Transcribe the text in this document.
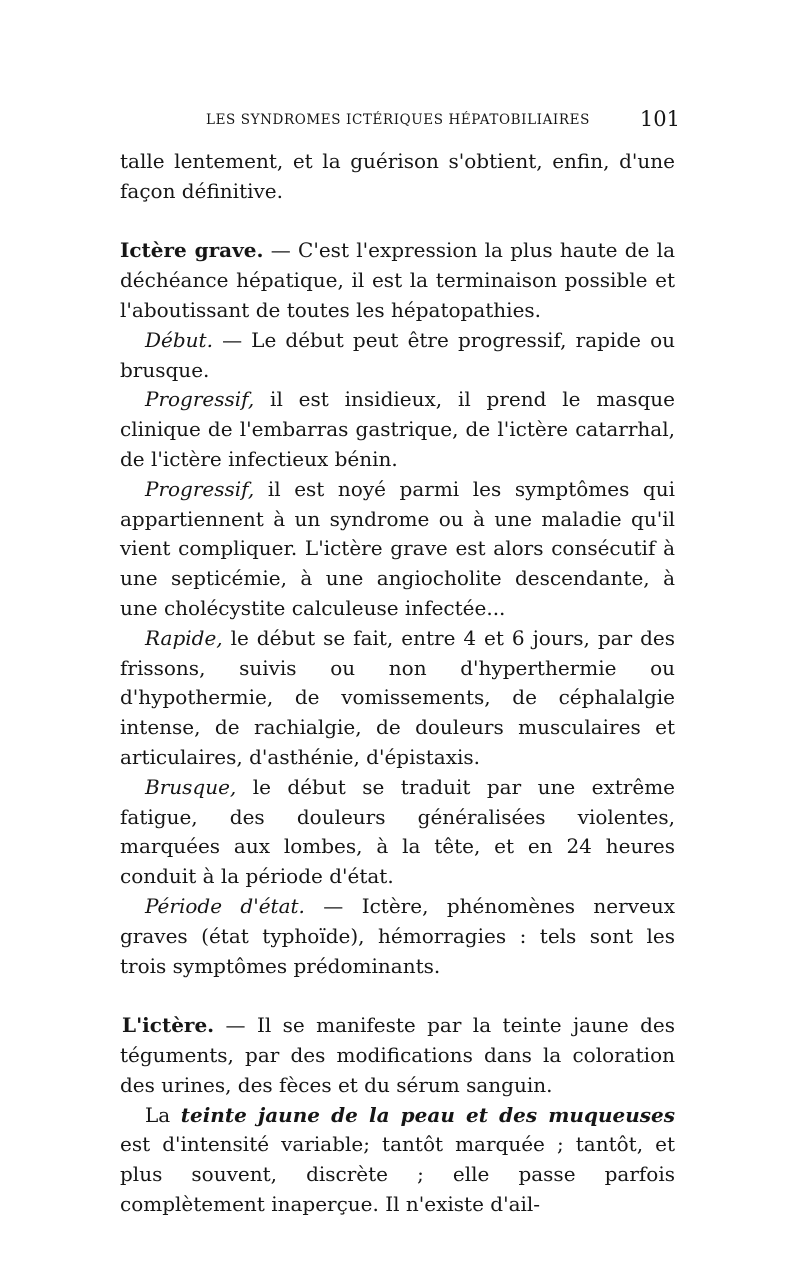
LES SYNDROMES ICTÉRIQUES HÉPATOBILIAIRES 101

talle lentement, et la guérison s'obtient, enfin, d'une façon définitive.

Ictère grave. — C'est l'expression la plus haute de la déchéance hépatique, il est la terminaison possible et l'aboutissant de toutes les hépatopathies.

Début. — Le début peut être progressif, rapide ou brusque.

Progressif, il est insidieux, il prend le masque clinique de l'embarras gastrique, de l'ictère catarrhal, de l'ictère infectieux bénin.

Progressif, il est noyé parmi les symptômes qui appartiennent à un syndrome ou à une maladie qu'il vient compliquer. L'ictère grave est alors consécutif à une septicémie, à une angiocholite descendante, à une cholécystite calculeuse infectée...

Rapide, le début se fait, entre 4 et 6 jours, par des frissons, suivis ou non d'hyperthermie ou d'hypothermie, de vomissements, de céphalalgie intense, de rachialgie, de douleurs musculaires et articulaires, d'asthénie, d'épistaxis.

Brusque, le début se traduit par une extrême fatigue, des douleurs généralisées violentes, marquées aux lombes, à la tête, et en 24 heures conduit à la période d'état.

Période d'état. — Ictère, phénomènes nerveux graves (état typhoïde), hémorragies : tels sont les trois symptômes prédominants.

L'ictère. — Il se manifeste par la teinte jaune des téguments, par des modifications dans la coloration des urines, des fèces et du sérum sanguin.

La teinte jaune de la peau et des muqueuses est d'intensité variable; tantôt marquée ; tantôt, et plus souvent, discrète ; elle passe parfois complètement inaperçue. Il n'existe d'ail-
